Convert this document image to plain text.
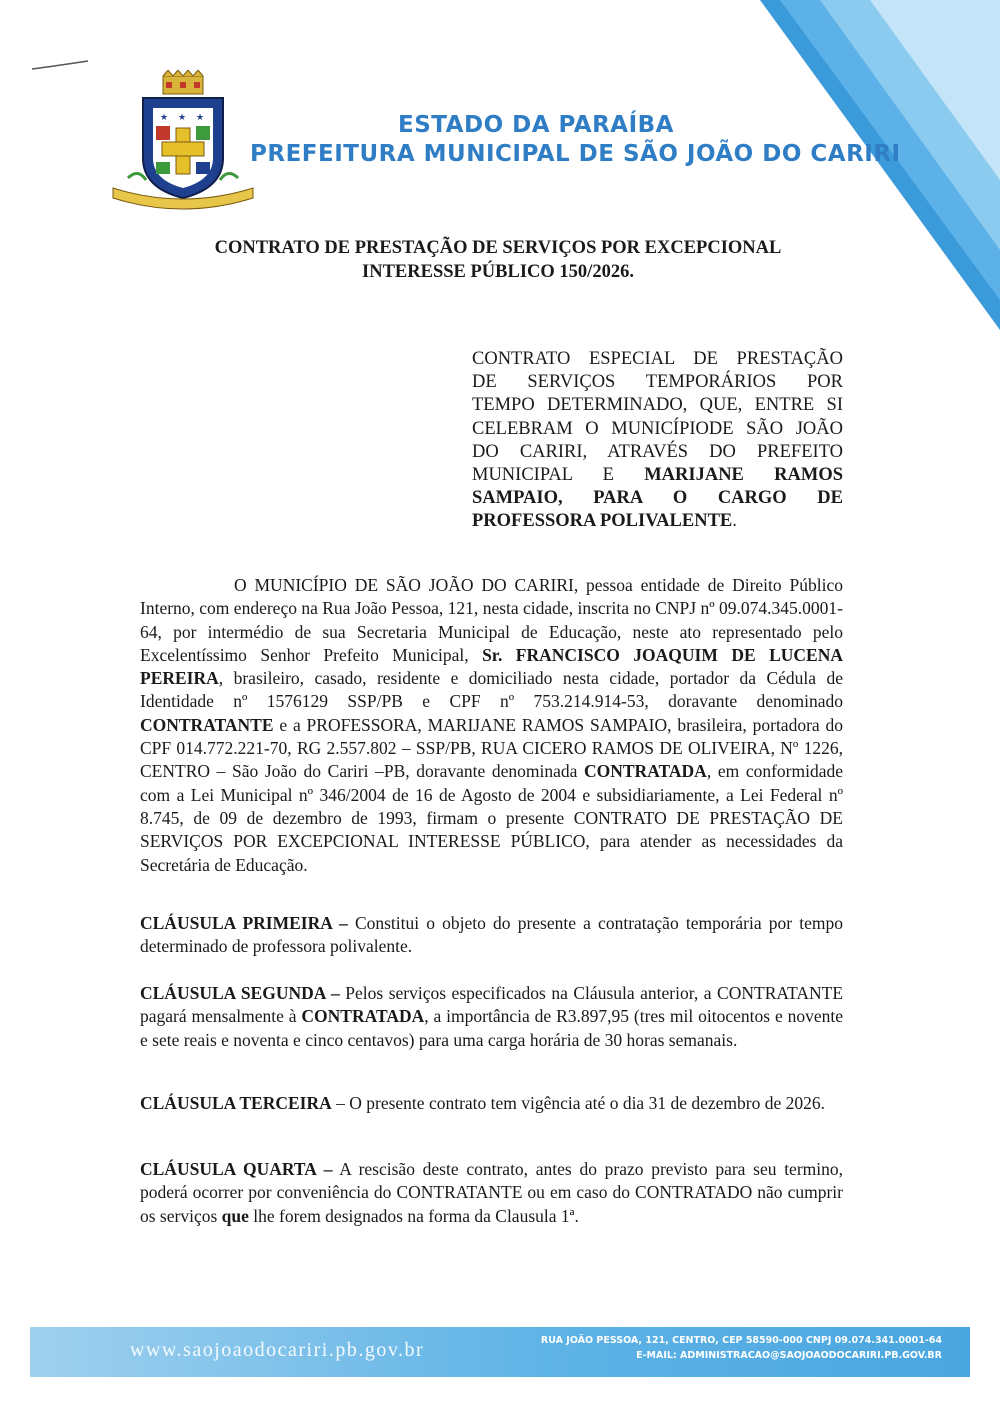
★ ★ ★	ESTADO DA PARAÍBA
PREFEITURA MUNICIPAL DE SÃO JOÃO DO CARIRI
CONTRATO DE PRESTAÇÃO DE SERVIÇOS POR EXCEPCIONAL
INTERESSE PÚBLICO 150/2026.
CONTRATO ESPECIAL DE PRESTAÇÃO
DE SERVIÇOS TEMPORÁRIOS POR
TEMPO DETERMINADO, QUE, ENTRE SI
CELEBRAM O MUNICÍPIODE SÃO JOÃO
DO CARIRI, ATRAVÉS DO PREFEITO
MUNICIPAL E MARIJANE RAMOS
SAMPAIO, PARA O CARGO DE
PROFESSORA POLIVALENTE.
O MUNICÍPIO DE SÃO JOÃO DO CARIRI, pessoa entidade de Direito Público Interno, com endereço na Rua João Pessoa, 121, nesta cidade, inscrita no CNPJ nº 09.074.345.0001-64, por intermédio de sua Secretaria Municipal de Educação, neste ato representado pelo Excelentíssimo Senhor Prefeito Municipal, Sr. FRANCISCO JOAQUIM DE LUCENA PEREIRA, brasileiro, casado, residente e domiciliado nesta cidade, portador da Cédula de Identidade nº 1576129 SSP/PB e CPF nº 753.214.914-53, doravante denominado CONTRATANTE e a PROFESSORA, MARIJANE RAMOS SAMPAIO, brasileira, portadora do CPF 014.772.221-70, RG 2.557.802 – SSP/PB, RUA CICERO RAMOS DE OLIVEIRA, Nº 1226, CENTRO – São João do Cariri –PB, doravante denominada CONTRATADA, em conformidade com a Lei Municipal nº 346/2004 de 16 de Agosto de 2004 e subsidiariamente, a Lei Federal nº 8.745, de 09 de dezembro de 1993, firmam o presente CONTRATO DE PRESTAÇÃO DE SERVIÇOS POR EXCEPCIONAL INTERESSE PÚBLICO, para atender as necessidades da Secretária de Educação.
CLÁUSULA PRIMEIRA – Constitui o objeto do presente a contratação temporária por tempo determinado de professora polivalente.
CLÁUSULA SEGUNDA – Pelos serviços especificados na Cláusula anterior, a CONTRATANTE pagará mensalmente à CONTRATADA, a importância de R3.897,95 (tres mil oitocentos e novente e sete reais e noventa e cinco centavos) para uma carga horária de 30 horas semanais.
CLÁUSULA TERCEIRA – O presente contrato tem vigência até o dia 31 de dezembro de 2026.
CLÁUSULA QUARTA – A rescisão deste contrato, antes do prazo previsto para seu termino, poderá ocorrer por conveniência do CONTRATANTE ou em caso do CONTRATADO não cumprir os serviços que lhe forem designados na forma da Clausula 1ª.
www.saojoaodocariri.pb.gov.br	RUA JOÃO PESSOA, 121, CENTRO, CEP 58590-000 CNPJ 09.074.341.0001-64
E-MAIL: ADMINISTRACAO@SAOJOAODOCARIRI.PB.GOV.BR
